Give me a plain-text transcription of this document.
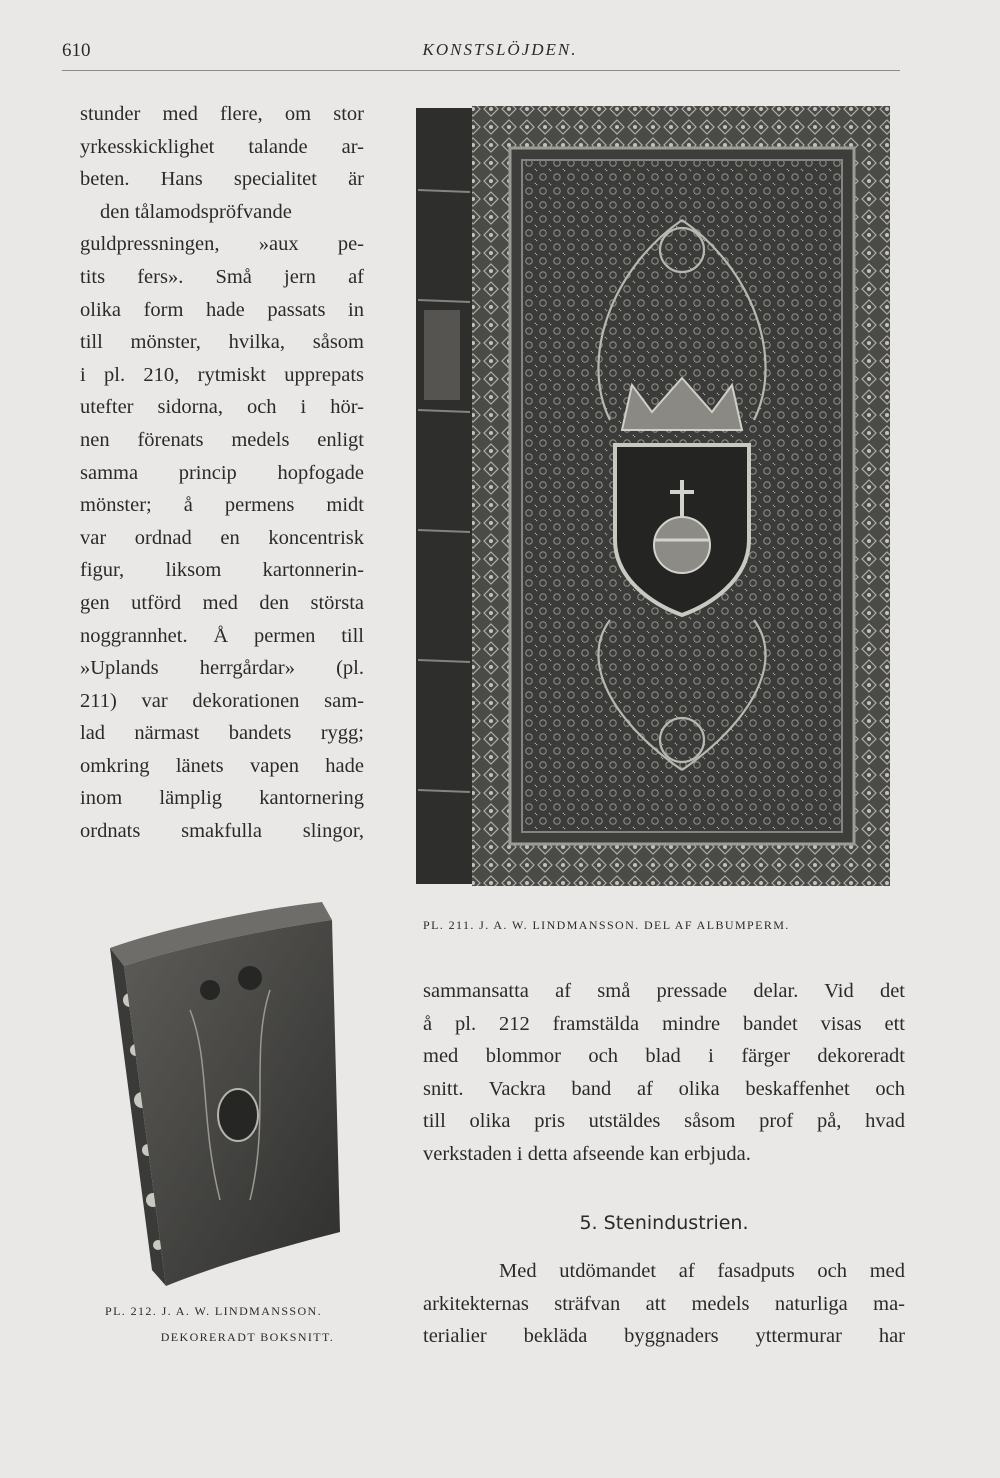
610	KONSTSLÖJDEN.
stunder med flere, om stor
yrkesskicklighet talande ar-
beten. Hans specialitet är
den tålamodspröfvande
guldpressningen, »aux pe-
tits fers». Små jern af
olika form hade passats in
till mönster, hvilka, såsom
i pl. 210, rytmiskt upprepats
utefter sidorna, och i hör-
nen förenats medels enligt
samma princip hopfogade
mönster; å permens midt
var ordnad en koncentrisk
figur, liksom kartonnerin-
gen utförd med den största
noggrannhet. Å permen till
»Uplands herrgårdar» (pl.
211) var dekorationen sam-
lad närmast bandets rygg;
omkring länets vapen hade
inom lämplig kantornering
ordnats smakfulla slingor,
PL. 211. J. A. W. LINDMANSSON. DEL AF ALBUMPERM.
PL. 212. J. A. W. LINDMANSSON.
DEKORERADT BOKSNITT.
sammansatta af små pressade delar. Vid det
å pl. 212 framstälda mindre bandet visas ett
med blommor och blad i färger dekoreradt
snitt. Vackra band af olika beskaffenhet och
till olika pris utstäldes såsom prof på, hvad
verkstaden i detta afseende kan erbjuda.
5. Stenindustrien.
Med utdömandet af fasadputs och med
arkitekternas sträfvan att medels naturliga ma-
terialier bekläda byggnaders yttermurar har
